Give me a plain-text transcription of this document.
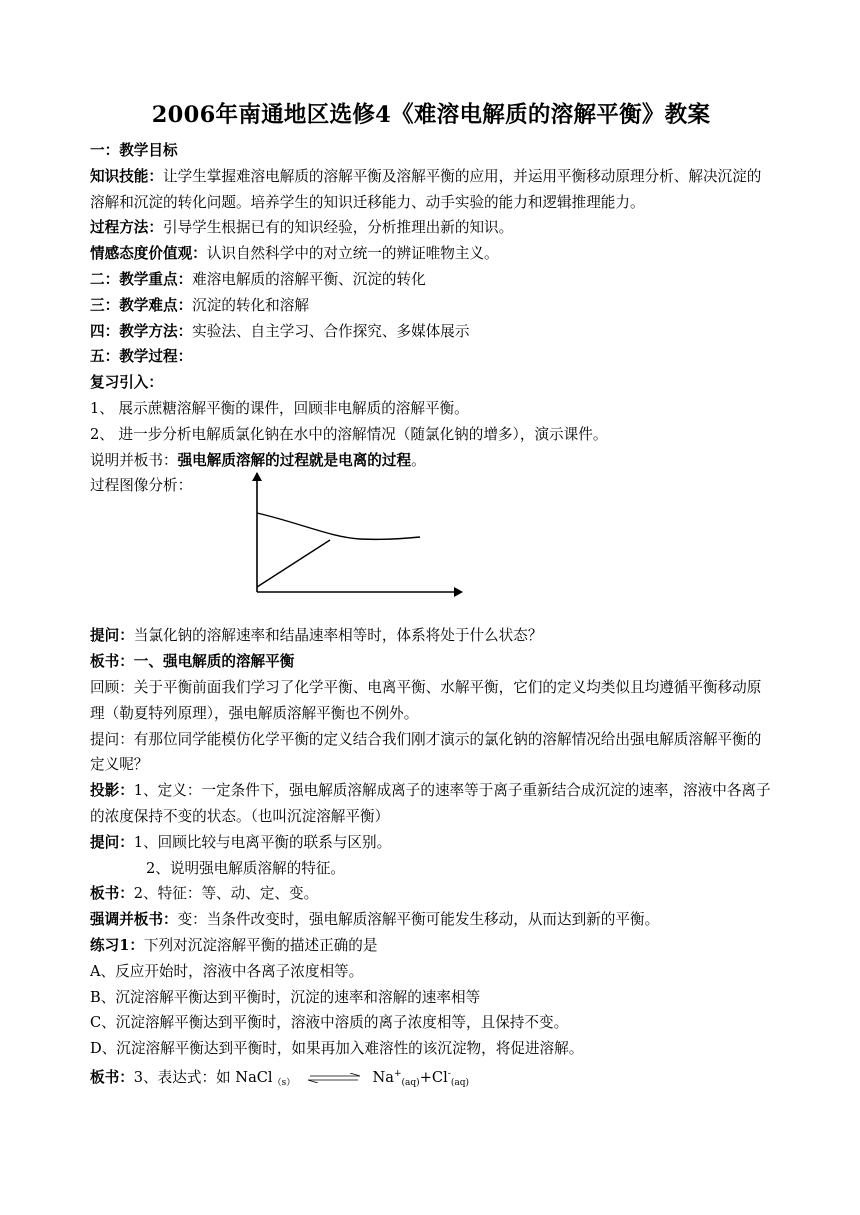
2006年南通地区选修4《难溶电解质的溶解平衡》教案

一：教学目标

知识技能：让学生掌握难溶电解质的溶解平衡及溶解平衡的应用，并运用平衡移动原理分析、解决沉淀的溶解和沉淀的转化问题。培养学生的知识迁移能力、动手实验的能力和逻辑推理能力。

过程方法：引导学生根据已有的知识经验，分析推理出新的知识。

情感态度价值观：认识自然科学中的对立统一的辨证唯物主义。

二：教学重点：难溶电解质的溶解平衡、沉淀的转化

三：教学难点：沉淀的转化和溶解

四：教学方法：实验法、自主学习、合作探究、多媒体展示

五：教学过程：

复习引入：

1、 展示蔗糖溶解平衡的课件，回顾非电解质的溶解平衡。

2、 进一步分析电解质氯化钠在水中的溶解情况（随氯化钠的增多），演示课件。

说明并板书：强电解质溶解的过程就是电离的过程。

过程图像分析：

提问：当氯化钠的溶解速率和结晶速率相等时，体系将处于什么状态？

板书：一、强电解质的溶解平衡

回顾：关于平衡前面我们学习了化学平衡、电离平衡、水解平衡，它们的定义均类似且均遵循平衡移动原理（勒夏特列原理），强电解质溶解平衡也不例外。

提问：有那位同学能模仿化学平衡的定义结合我们刚才演示的氯化钠的溶解情况给出强电解质溶解平衡的定义呢？

投影：1、定义：一定条件下，强电解质溶解成离子的速率等于离子重新结合成沉淀的速率，溶液中各离子的浓度保持不变的状态。（也叫沉淀溶解平衡）

提问：1、回顾比较与电离平衡的联系与区别。

2、说明强电解质溶解的特征。

板书：2、特征：等、动、定、变。

强调并板书：变：当条件改变时，强电解质溶解平衡可能发生移动，从而达到新的平衡。

练习1：下列对沉淀溶解平衡的描述正确的是

A、反应开始时，溶液中各离子浓度相等。

B、沉淀溶解平衡达到平衡时，沉淀的速率和溶解的速率相等

C、沉淀溶解平衡达到平衡时，溶液中溶质的离子浓度相等，且保持不变。

D、沉淀溶解平衡达到平衡时，如果再加入难溶性的该沉淀物，将促进溶解。

板书：3、表达式：如 NaCl$_{(s)}$ ⇌ $Na^+_{(aq)}+Cl^-_{(aq)}$
